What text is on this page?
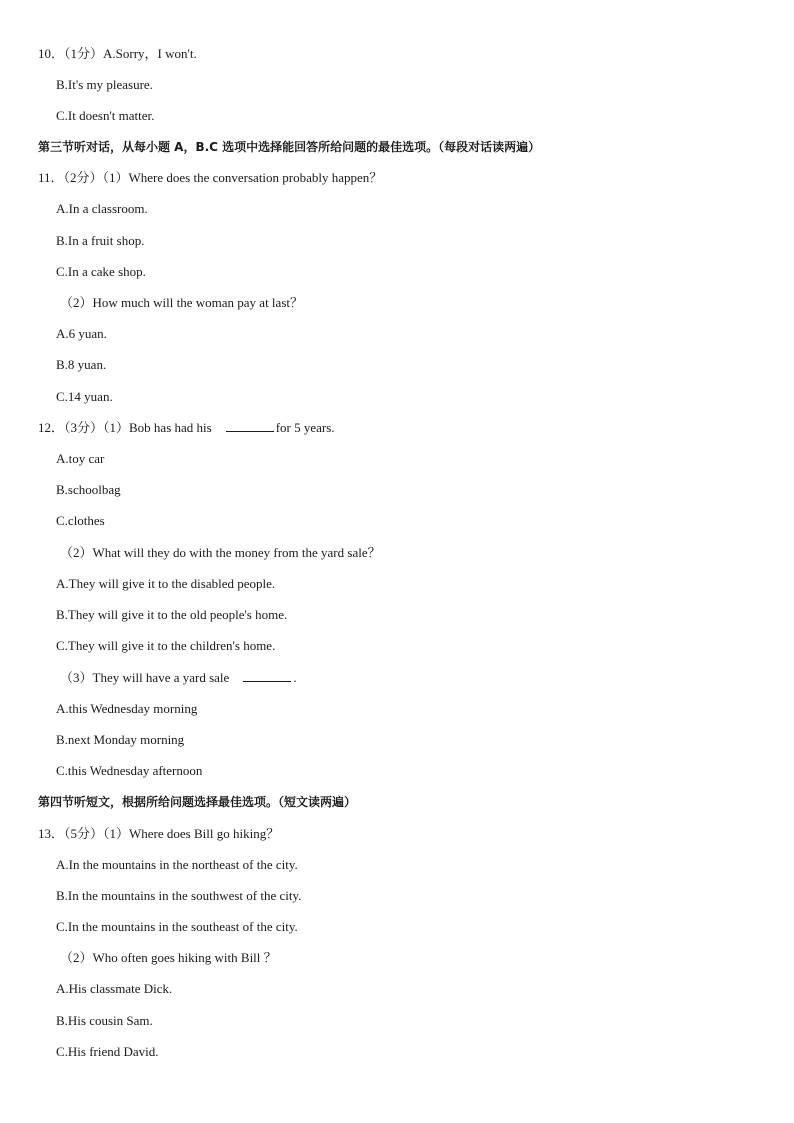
10．（1分）A.Sorry，I won't.
B.It's my pleasure.
C.It doesn't matter.
第三节听对话，从每小题 A，B.C 选项中选择能回答所给问题的最佳选项。（每段对话读两遍）
11．（2分）（1）Where does the conversation probably happen？
A.In a classroom.
B.In a fruit shop.
C.In a cake shop.
（2）How much will the woman pay at last？
A.6 yuan.
B.8 yuan.
C.14 yuan.
12．（3分）（1）Bob has had his	for 5 years.
A.toy car
B.schoolbag
C.clothes
（2）What will they do with the money from the yard sale？
A.They will give it to the disabled people.
B.They will give it to the old people's home.
C.They will give it to the children's home.
（3）They will have a yard sale	.
A.this Wednesday morning
B.next Monday morning
C.this Wednesday afternoon
第四节听短文，根据所给问题选择最佳选项。（短文读两遍）
13．（5分）（1）Where does Bill go hiking？
A.In the mountains in the northeast of the city.
B.In the mountains in the southwest of the city.
C.In the mountains in the southeast of the city.
（2）Who often goes hiking with Bill ？
A.His classmate Dick.
B.His cousin Sam.
C.His friend David.
